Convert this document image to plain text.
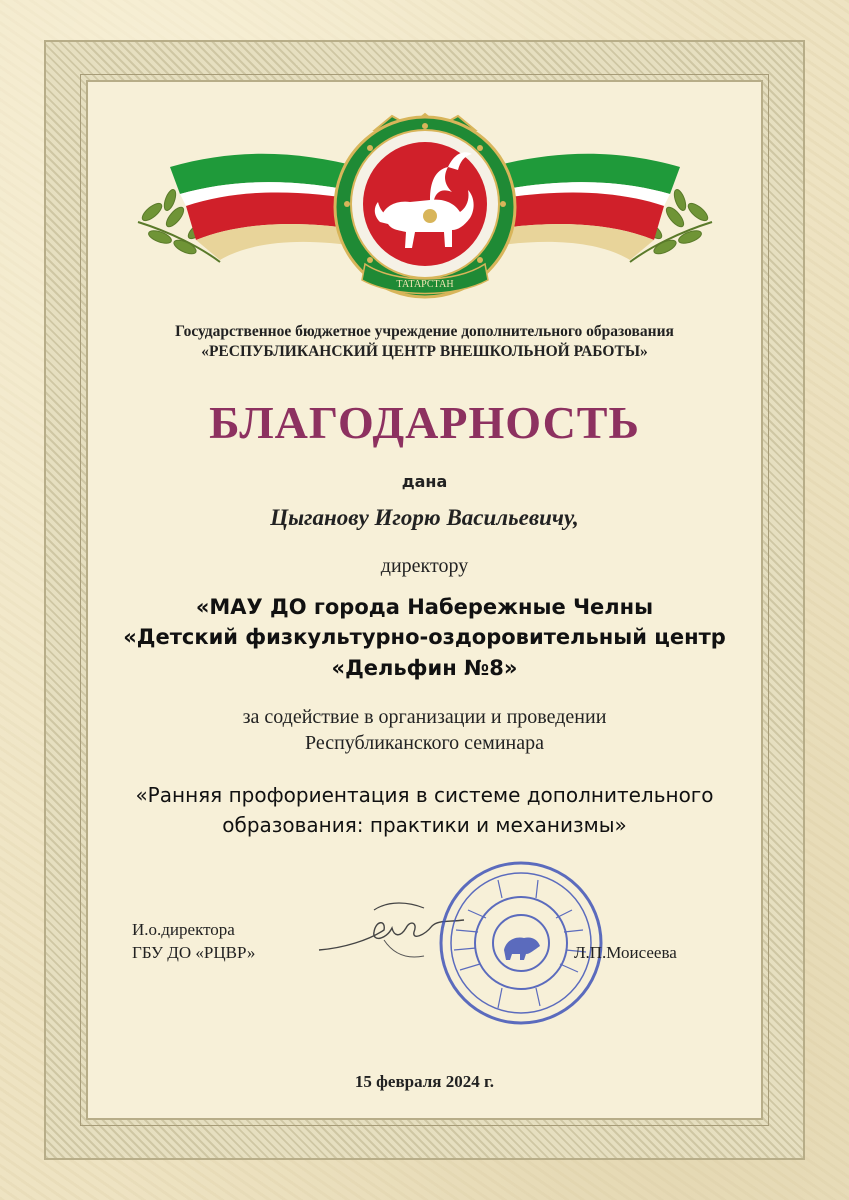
ТАТАРСТАН
Государственное бюджетное учреждение дополнительного образования
«РЕСПУБЛИКАНСКИЙ ЦЕНТР ВНЕШКОЛЬНОЙ РАБОТЫ»
БЛАГОДАРНОСТЬ
дана
Цыганову Игорю Васильевичу,
директору
«МАУ ДО города Набережные Челны
«Детский физкультурно-оздоровительный центр
«Дельфин №8»
за содействие в организации и проведении
Республиканского семинара
«Ранняя профориентация в системе дополнительного
образования: практики и механизмы»
И.о.директора
ГБУ ДО «РЦВР»	Л.П.Моисеева
15 февраля 2024 г.
